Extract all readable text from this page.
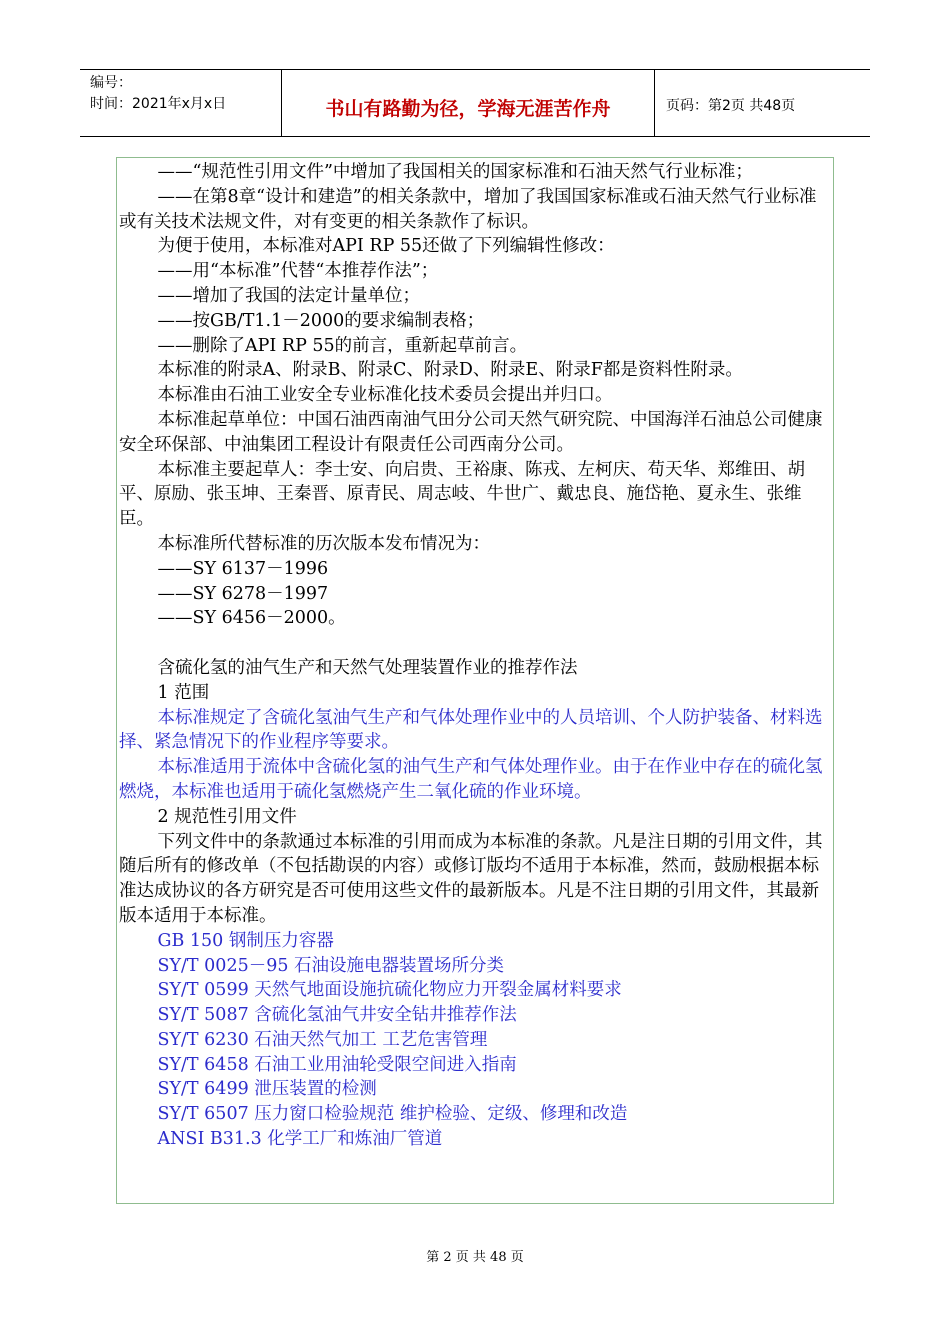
编号：
时间：2021年x月x日	书山有路勤为径，学海无涯苦作舟	页码：第2页 共48页

——“规范性引用文件”中增加了我国相关的国家标准和石油天然气行业标准；

——在第8章“设计和建造”的相关条款中，增加了我国国家标准或石油天然气行业标准或有关技术法规文件，对有变更的相关条款作了标识。

为便于使用，本标准对API RP 55还做了下列编辑性修改：

——用“本标准”代替“本推荐作法”；

——增加了我国的法定计量单位；

——按GB/T1.1－2000的要求编制表格；

——删除了API RP 55的前言，重新起草前言。

本标准的附录A、附录B、附录C、附录D、附录E、附录F都是资料性附录。

本标准由石油工业安全专业标准化技术委员会提出并归口。

本标准起草单位：中国石油西南油气田分公司天然气研究院、中国海洋石油总公司健康安全环保部、中油集团工程设计有限责任公司西南分公司。

本标准主要起草人：李士安、向启贵、王裕康、陈戎、左柯庆、苟天华、郑维田、胡平、原励、张玉坤、王秦晋、原青民、周志岐、牛世广、戴忠良、施岱艳、夏永生、张维臣。

本标准所代替标准的历次版本发布情况为：

——SY 6137－1996

——SY 6278－1997

——SY 6456－2000。

含硫化氢的油气生产和天然气处理装置作业的推荐作法

1 范围

本标准规定了含硫化氢油气生产和气体处理作业中的人员培训、个人防护装备、材料选择、紧急情况下的作业程序等要求。

本标准适用于流体中含硫化氢的油气生产和气体处理作业。由于在作业中存在的硫化氢燃烧，本标准也适用于硫化氢燃烧产生二氧化硫的作业环境。

2 规范性引用文件

下列文件中的条款通过本标准的引用而成为本标准的条款。凡是注日期的引用文件，其随后所有的修改单（不包括勘误的内容）或修订版均不适用于本标准，然而，鼓励根据本标准达成协议的各方研究是否可使用这些文件的最新版本。凡是不注日期的引用文件，其最新版本适用于本标准。

GB 150 钢制压力容器

SY/T 0025－95 石油设施电器装置场所分类

SY/T 0599 天然气地面设施抗硫化物应力开裂金属材料要求

SY/T 5087 含硫化氢油气井安全钻井推荐作法

SY/T 6230 石油天然气加工 工艺危害管理

SY/T 6458 石油工业用油轮受限空间进入指南

SY/T 6499 泄压装置的检测

SY/T 6507 压力窗口检验规范 维护检验、定级、修理和改造

ANSI B31.3 化学工厂和炼油厂管道

第 2 页 共 48 页
